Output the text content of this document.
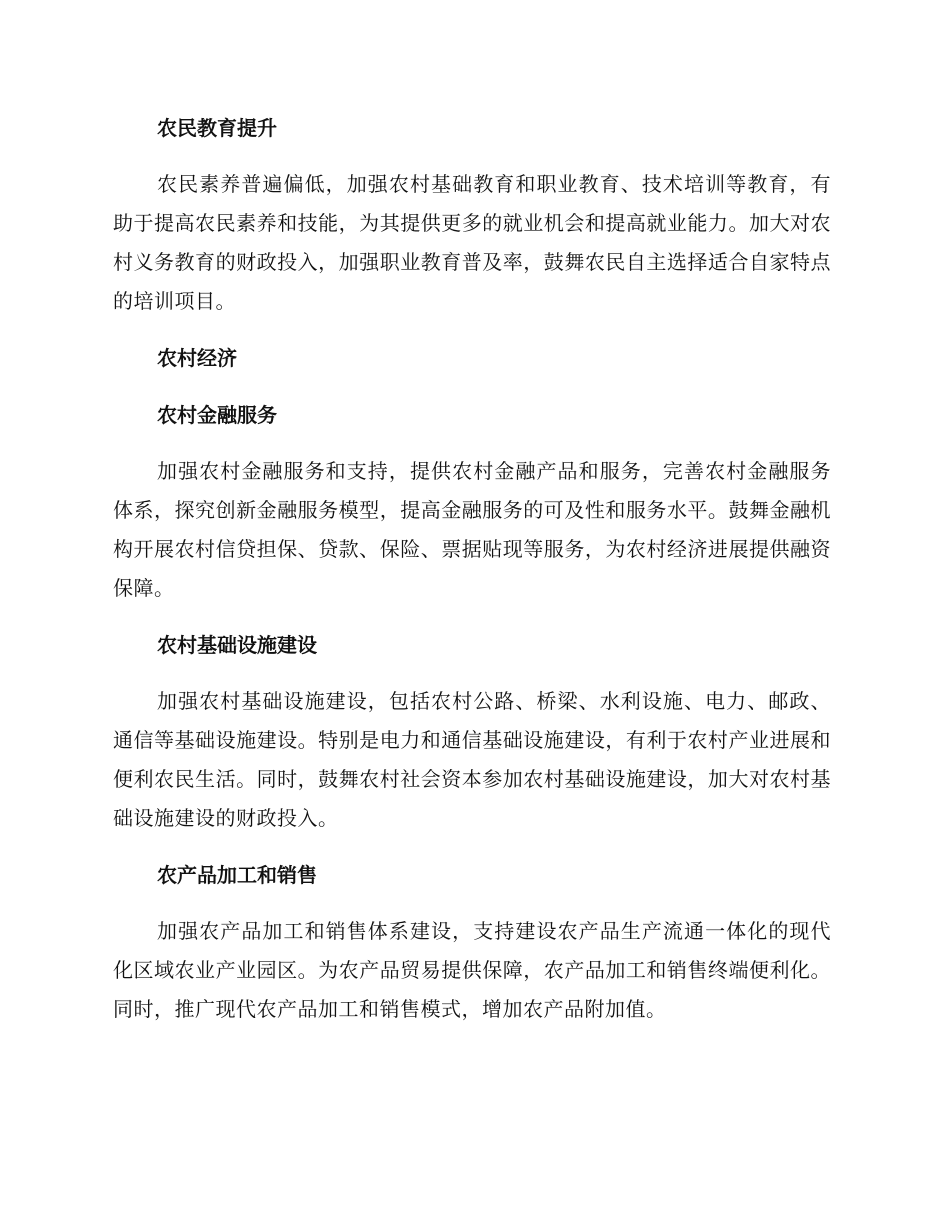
农民教育提升

农民素养普遍偏低，加强农村基础教育和职业教育、技术培训等教育，有助于提高农民素养和技能，为其提供更多的就业机会和提高就业能力。加大对农村义务教育的财政投入，加强职业教育普及率，鼓舞农民自主选择适合自家特点的培训项目。

农村经济
农村金融服务

加强农村金融服务和支持，提供农村金融产品和服务，完善农村金融服务体系，探究创新金融服务模型，提高金融服务的可及性和服务水平。鼓舞金融机构开展农村信贷担保、贷款、保险、票据贴现等服务，为农村经济进展提供融资保障。

农村基础设施建设

加强农村基础设施建设，包括农村公路、桥梁、水利设施、电力、邮政、通信等基础设施建设。特别是电力和通信基础设施建设，有利于农村产业进展和便利农民生活。同时，鼓舞农村社会资本参加农村基础设施建设，加大对农村基础设施建设的财政投入。

农产品加工和销售

加强农产品加工和销售体系建设，支持建设农产品生产流通一体化的现代化区域农业产业园区。为农产品贸易提供保障，农产品加工和销售终端便利化。同时，推广现代农产品加工和销售模式，增加农产品附加值。
